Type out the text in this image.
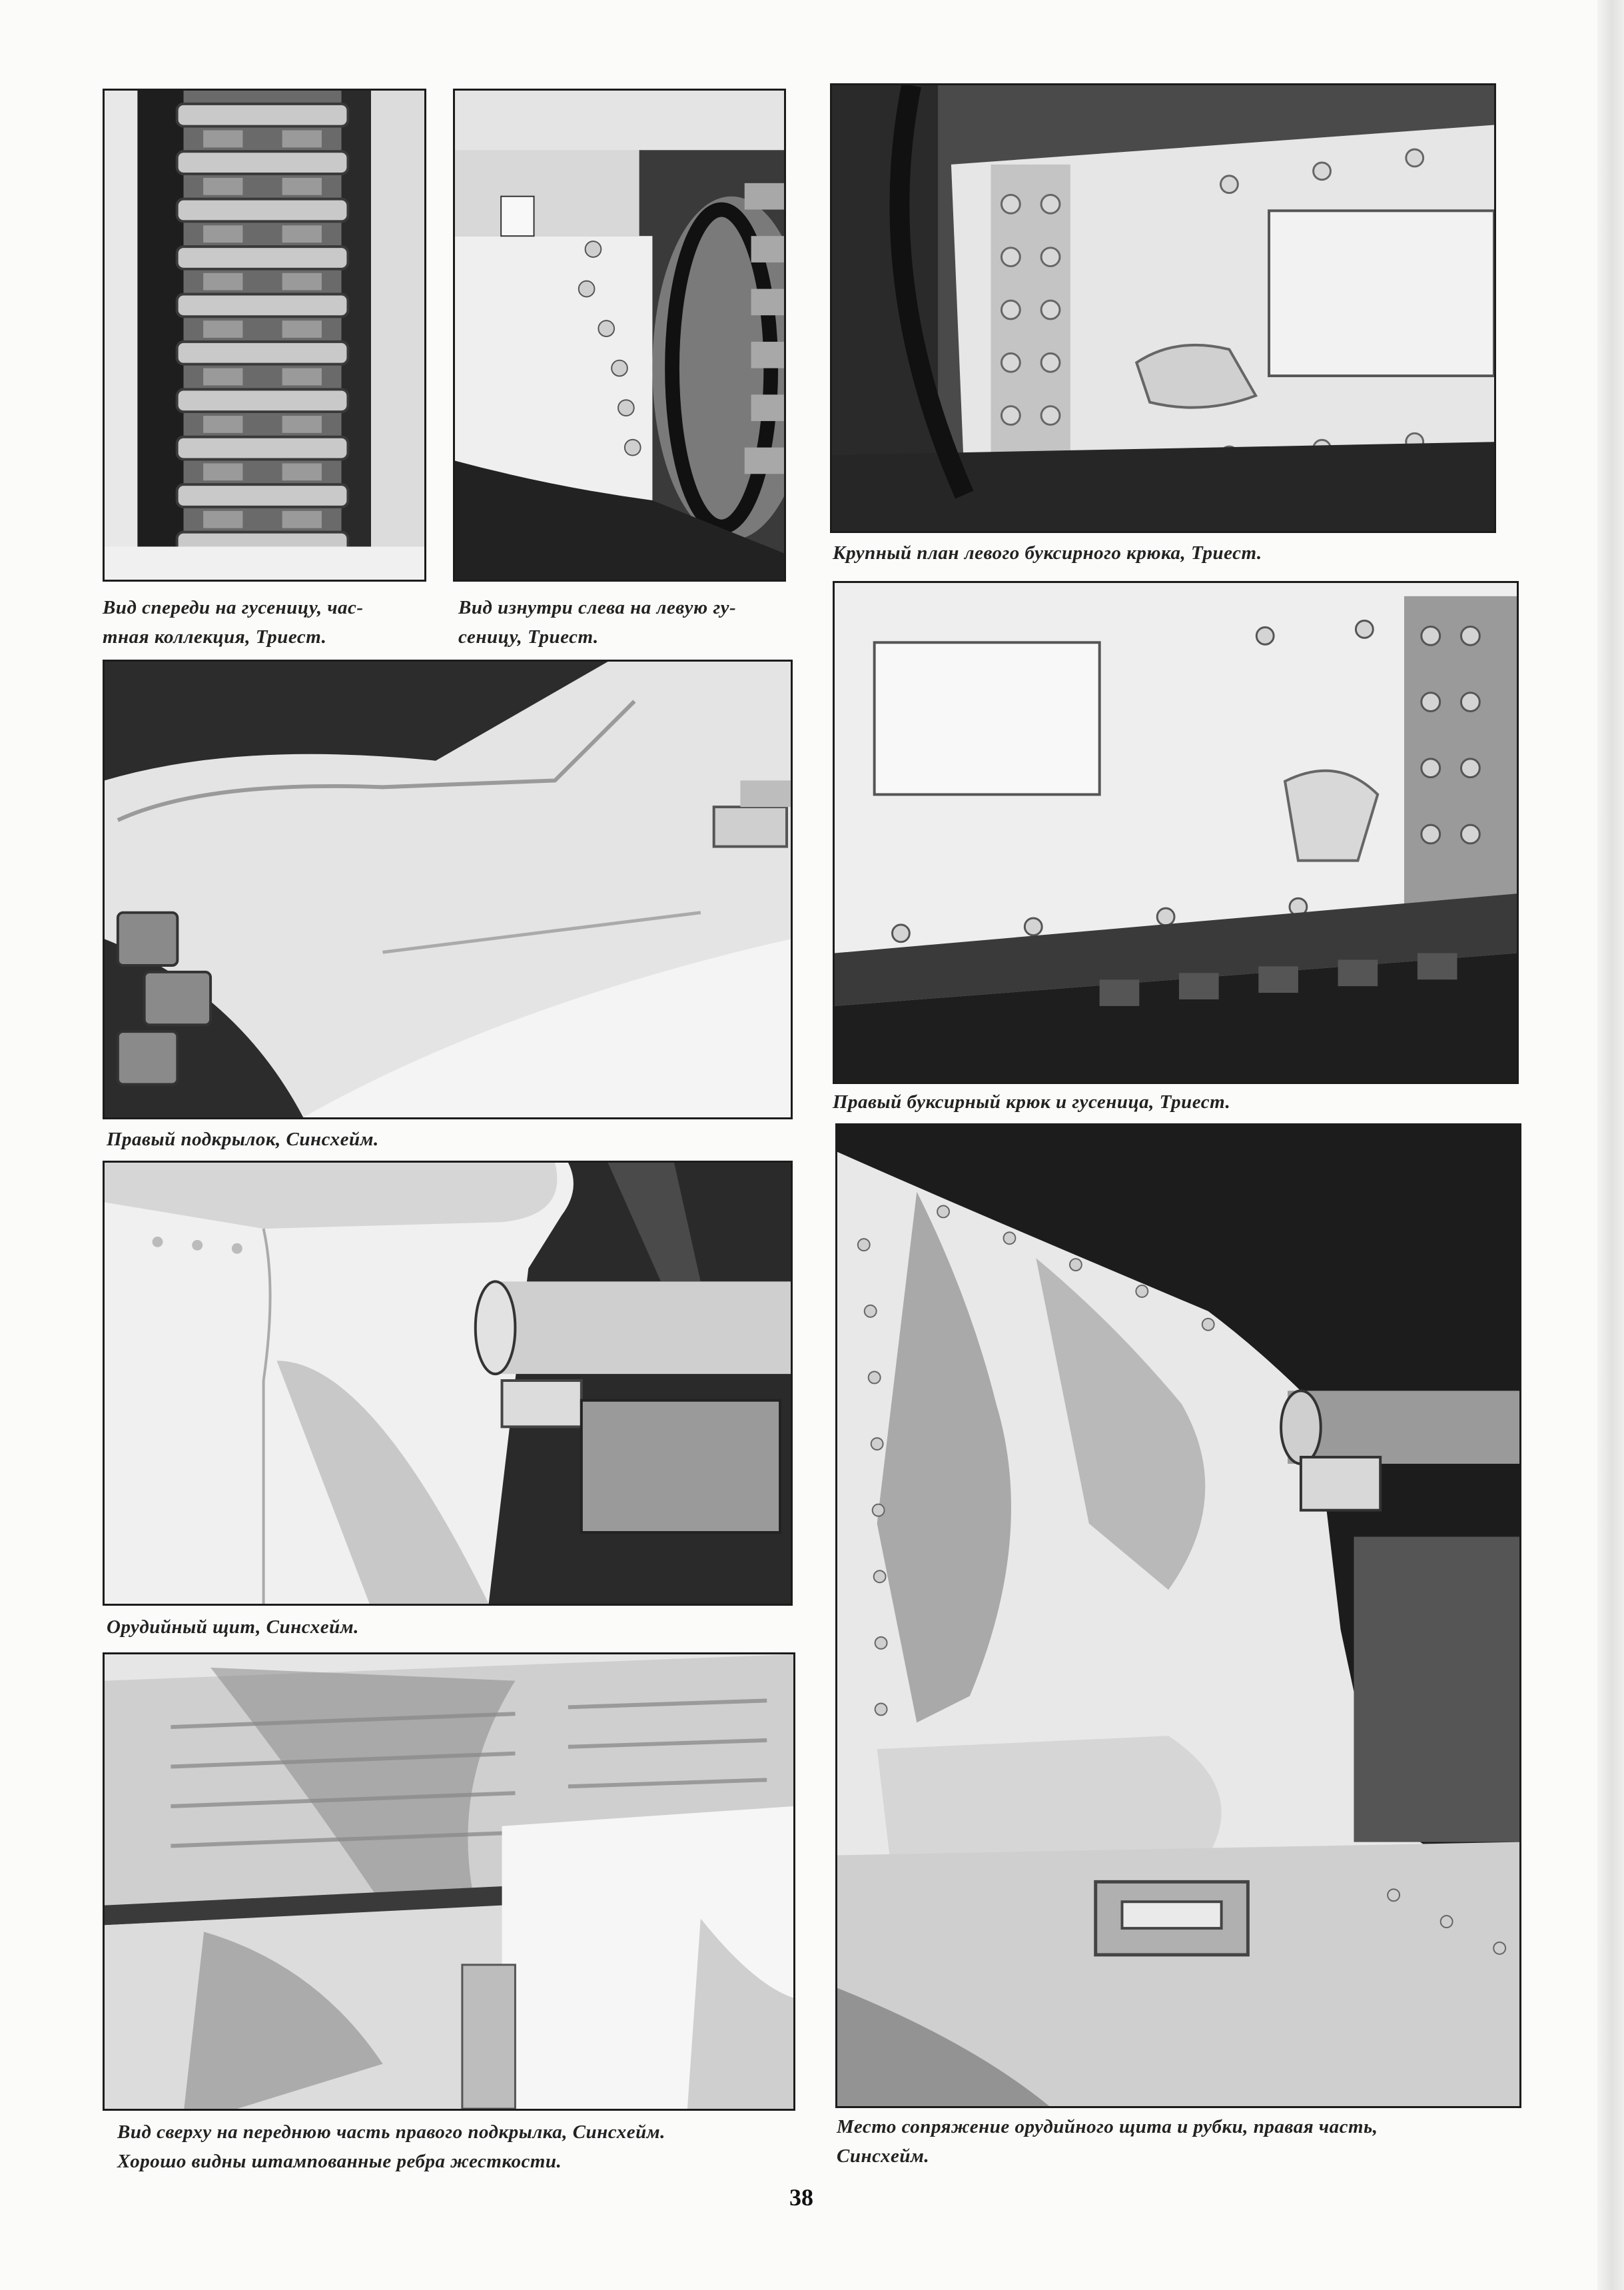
Вид спереди на гусеницу, час-
тная коллекция, Триест.
Вид изнутри слева на левую гу-
сеницу, Триест.
Крупный план левого буксирного крюка, Триест.
Правый подкрылок, Синсхейм.
Правый буксирный крюк и гусеница, Триест.
Орудийный щит, Синсхейм.
Вид сверху на переднюю часть правого подкрылка, Синсхейм.
Хорошо видны штампованные ребра жесткости.
Место сопряжение орудийного щита и рубки, правая часть,
Синсхейм.
38
